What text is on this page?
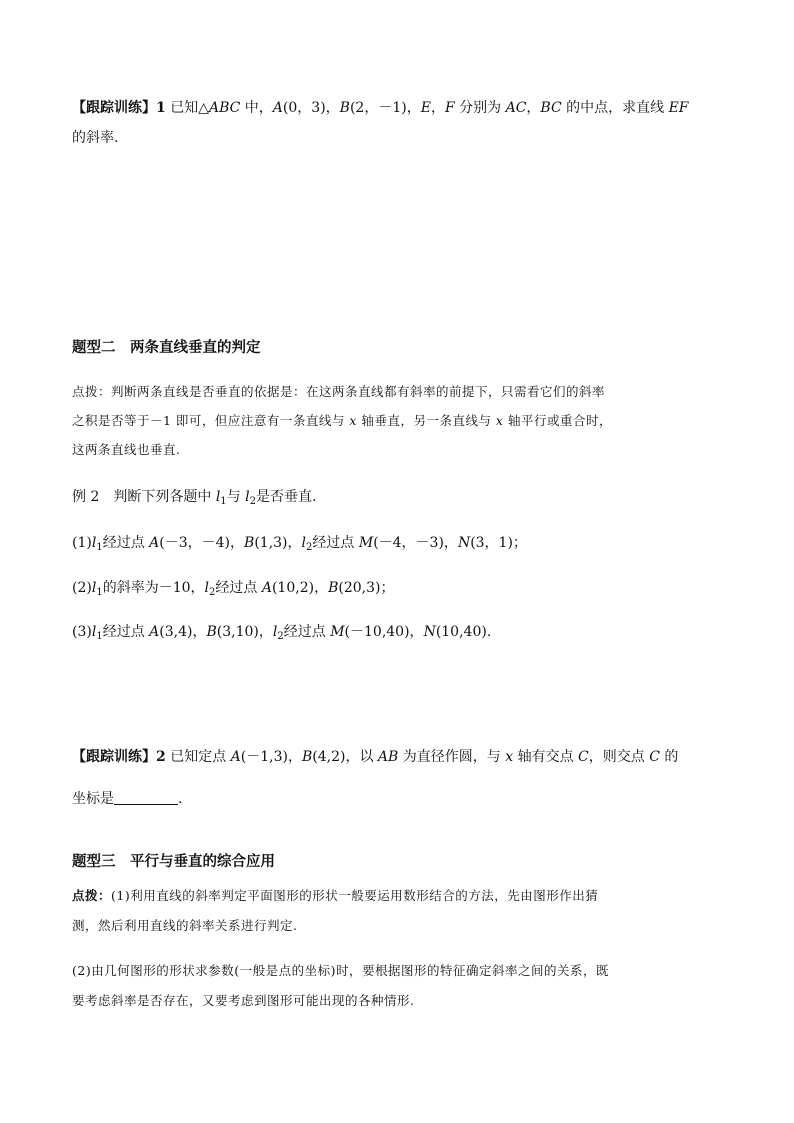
【跟踪训练】1 已知△ABC 中，A(0，3)，B(2，－1)，E，F 分别为 AC，BC 的中点，求直线 EF
的斜率.
题型二　两条直线垂直的判定
点拨：判断两条直线是否垂直的依据是：在这两条直线都有斜率的前提下，只需看它们的斜率
之积是否等于－1 即可，但应注意有一条直线与 x 轴垂直，另一条直线与 x 轴平行或重合时，
这两条直线也垂直.
例 2　判断下列各题中 $l_1$与 $l_2$是否垂直.
$(1)l_1$经过点 A(－3，－4)，B(1,3)，$l_2$经过点 M(－4，－3)，N(3，1)；
$(2)l_1$的斜率为－10，$l_2$经过点 A(10,2)，B(20,3)；
$(3)l_1$经过点 A(3,4)，B(3,10)，$l_2$经过点 M(－10,40)，N(10,40).
【跟踪训练】2 已知定点 A(－1,3)，B(4,2)，以 AB 为直径作圆，与 x 轴有交点 C，则交点 C 的
坐标是	.
题型三　平行与垂直的综合应用
点拨：(1)利用直线的斜率判定平面图形的形状一般要运用数形结合的方法，先由图形作出猜
测，然后利用直线的斜率关系进行判定.
(2)由几何图形的形状求参数(一般是点的坐标)时，要根据图形的特征确定斜率之间的关系，既
要考虑斜率是否存在，又要考虑到图形可能出现的各种情形.
